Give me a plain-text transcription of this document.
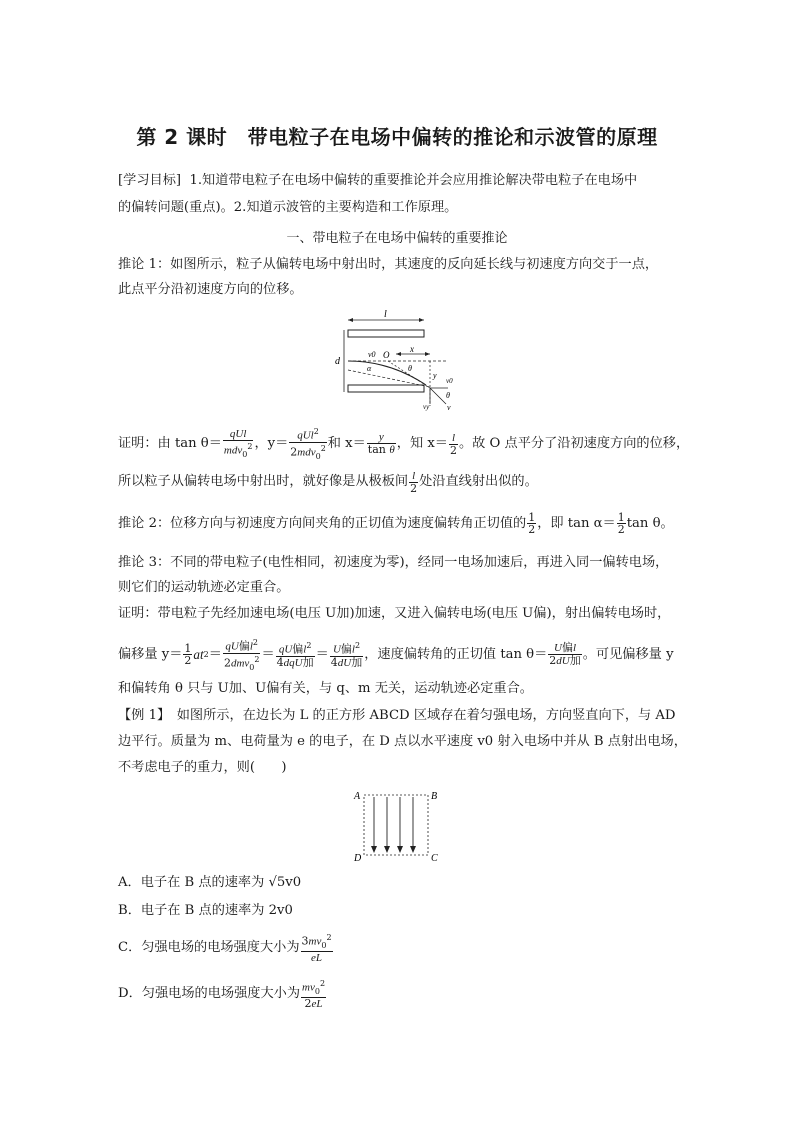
第 2 课时　带电粒子在电场中偏转的推论和示波管的原理
[学习目标] 1.知道带电粒子在电场中偏转的重要推论并会应用推论解决带电粒子在电场中
的偏转问题(重点)。2.知道示波管的主要构造和工作原理。
一、带电粒子在电场中偏转的重要推论
推论 1：如图所示，粒子从偏转电场中射出时，其速度的反向延长线与初速度方向交于一点，
此点平分沿初速度方向的位移。
l
d
v0 O
x
θ
α
y
v0
θ
vy v
证明：由 $\tan \theta= \frac{\text{qUl}}{mdv_0^2}$ ，$y= \frac{qUl^2}{2mdv_0^2}$ 和 $x= \frac{y}{\text{tan θ}}$ ，知 $x= \frac{l}{2}$ 。故 O 点平分了沿初速度方向的位移，
所以粒子从偏转电场中射出时，就好像是从极板间 $\frac{l}{2}$ 处沿直线射出似的。
推论 2：位移方向与初速度方向间夹角的正切值为速度偏转角正切值的 $\frac{1}{2}$ ，即 $\tan \alpha= \frac{1}{2}$ tan θ。
推论 3：不同的带电粒子(电性相同，初速度为零)，经同一电场加速后，再进入同一偏转电场，
则它们的运动轨迹必定重合。
证明：带电粒子先经加速电场(电压 U加)加速，又进入偏转电场(电压 U偏)，射出偏转电场时，
偏移量 $y= \frac{1}{2}$ at $2 = \frac{qU偏l^2}{2dmv_0^2} = \frac{qU偏l^2}{\text{4dqU加}} = \frac{U偏l^2}{\text{4dU加}}$ ，速度偏转角的正切值 $\tan \theta= \frac{\text{U偏l}}{\text{2dU加}}$ 。可见偏移量 y
和偏转角 θ 只与 U加、U偏有关，与 q、m 无关，运动轨迹必定重合。
【例 1】　如图所示，在边长为 L 的正方形 ABCD 区域存在着匀强电场，方向竖直向下，与 AD
边平行。质量为 m、电荷量为 e 的电子，在 D 点以水平速度 v0 射入电场中并从 B 点射出电场，
不考虑电子的重力，则(　　)
A	B
D	C
A．电子在 B 点的速率为 √5v0
B．电子在 B 点的速率为 2v0
C．匀强电场的电场强度大小为 $\frac{3mv_0^2}{eL}$
D．匀强电场的电场强度大小为 $\frac{mv_0^2}{2eL}$
